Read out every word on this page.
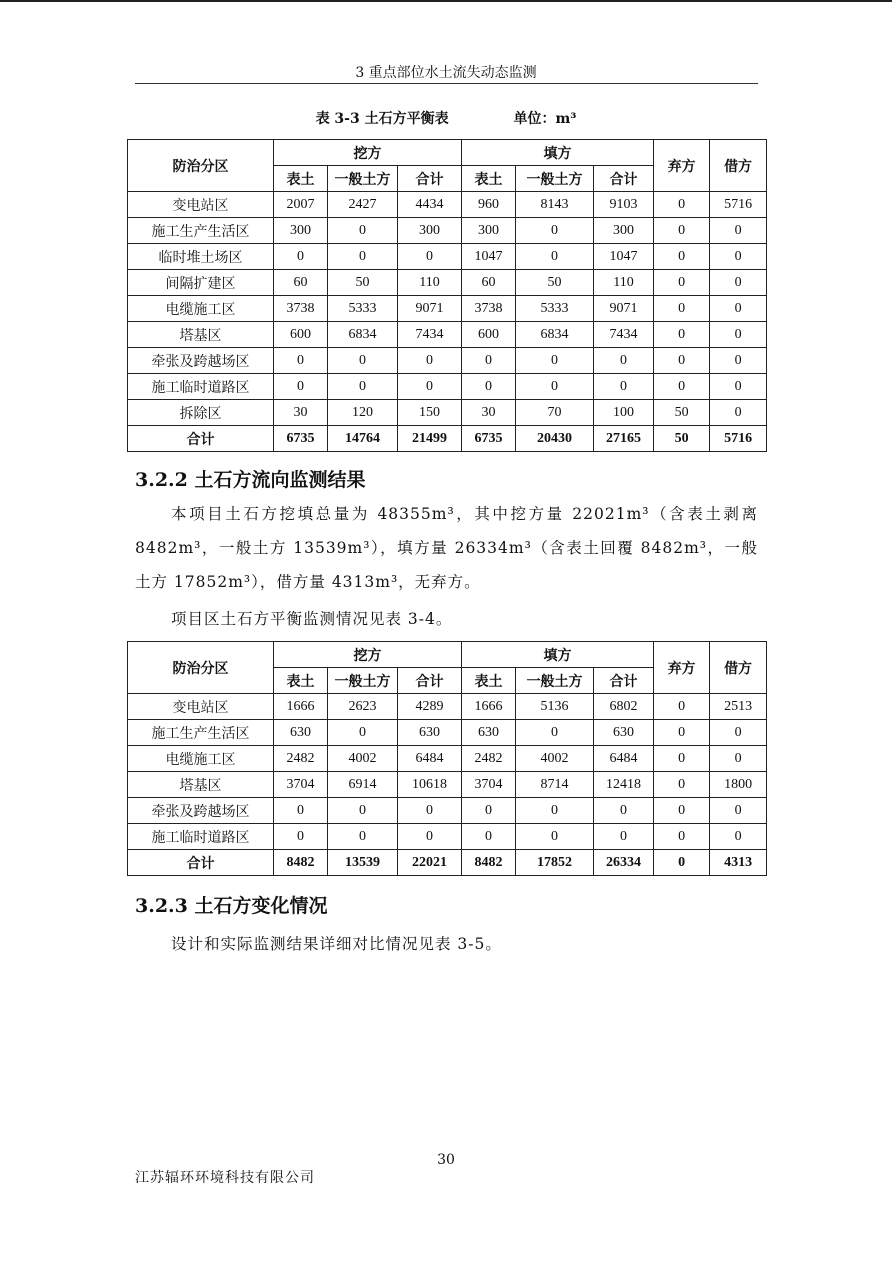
3 重点部位水土流失动态监测
表 3-3 土石方平衡表	单位：m³
防治分区	挖方			填方			弃方	借方
	表土	一般土方	合计	表土	一般土方	合计		
变电站区	2007	2427	4434	960	8143	9103	0	5716
施工生产生活区	300	0	300	300	0	300	0	0
临时堆土场区	0	0	0	1047	0	1047	0	0
间隔扩建区	60	50	110	60	50	110	0	0
电缆施工区	3738	5333	9071	3738	5333	9071	0	0
塔基区	600	6834	7434	600	6834	7434	0	0
牵张及跨越场区	0	0	0	0	0	0	0	0
施工临时道路区	0	0	0	0	0	0	0	0
拆除区	30	120	150	30	70	100	50	0
合计	6735	14764	21499	6735	20430	27165	50	5716
3.2.2 土石方流向监测结果

本项目土石方挖填总量为 48355m³，其中挖方量 22021m³（含表土剥离 8482m³，一般土方 13539m³），填方量 26334m³（含表土回覆 8482m³，一般土方 17852m³），借方量 4313m³，无弃方。

项目区土石方平衡监测情况见表 3-4。

防治分区	挖方			填方			弃方	借方
	表土	一般土方	合计	表土	一般土方	合计		
变电站区	1666	2623	4289	1666	5136	6802	0	2513
施工生产生活区	630	0	630	630	0	630	0	0
电缆施工区	2482	4002	6484	2482	4002	6484	0	0
塔基区	3704	6914	10618	3704	8714	12418	0	1800
牵张及跨越场区	0	0	0	0	0	0	0	0
施工临时道路区	0	0	0	0	0	0	0	0
合计	8482	13539	22021	8482	17852	26334	0	4313
3.2.3 土石方变化情况

设计和实际监测结果详细对比情况见表 3-5。

30
江苏辐环环境科技有限公司
